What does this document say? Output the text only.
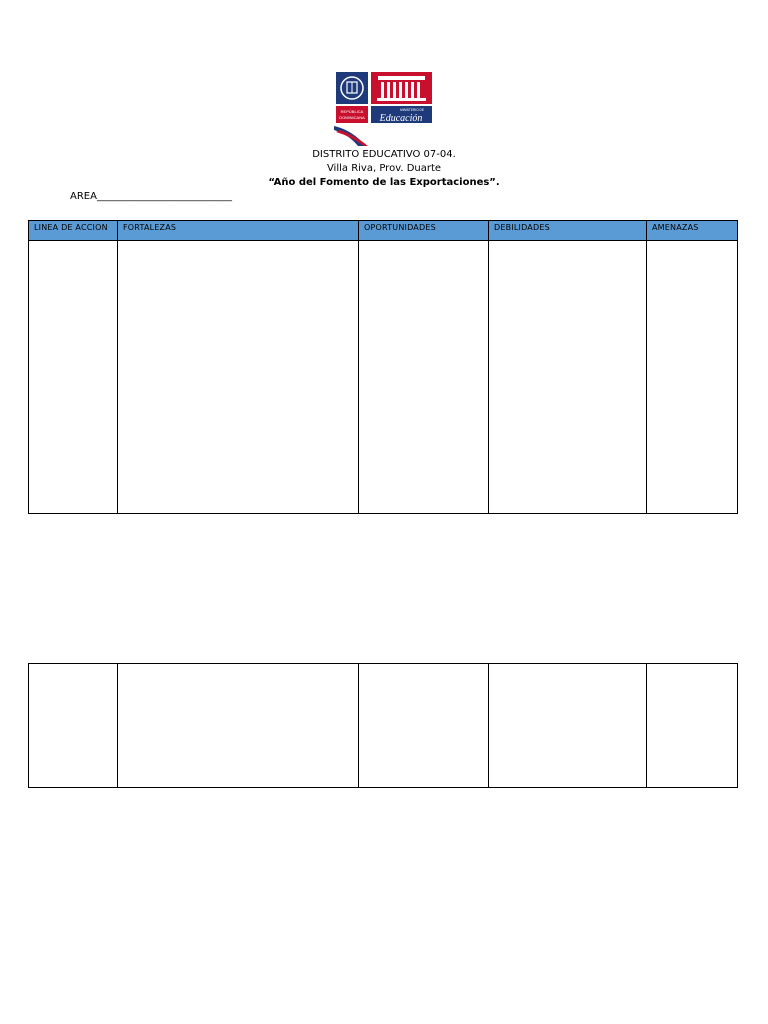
REPÚBLICA
DOMINICANA
MINISTERIO DE
Educación
DISTRITO EDUCATIVO 07-04.
Villa Riva, Prov. Duarte
“Año del Fomento de las Exportaciones”.
AREA___________________________
LINEA DE ACCION	FORTALEZAS	OPORTUNIDADES	DEBILIDADES	AMENAZAS
